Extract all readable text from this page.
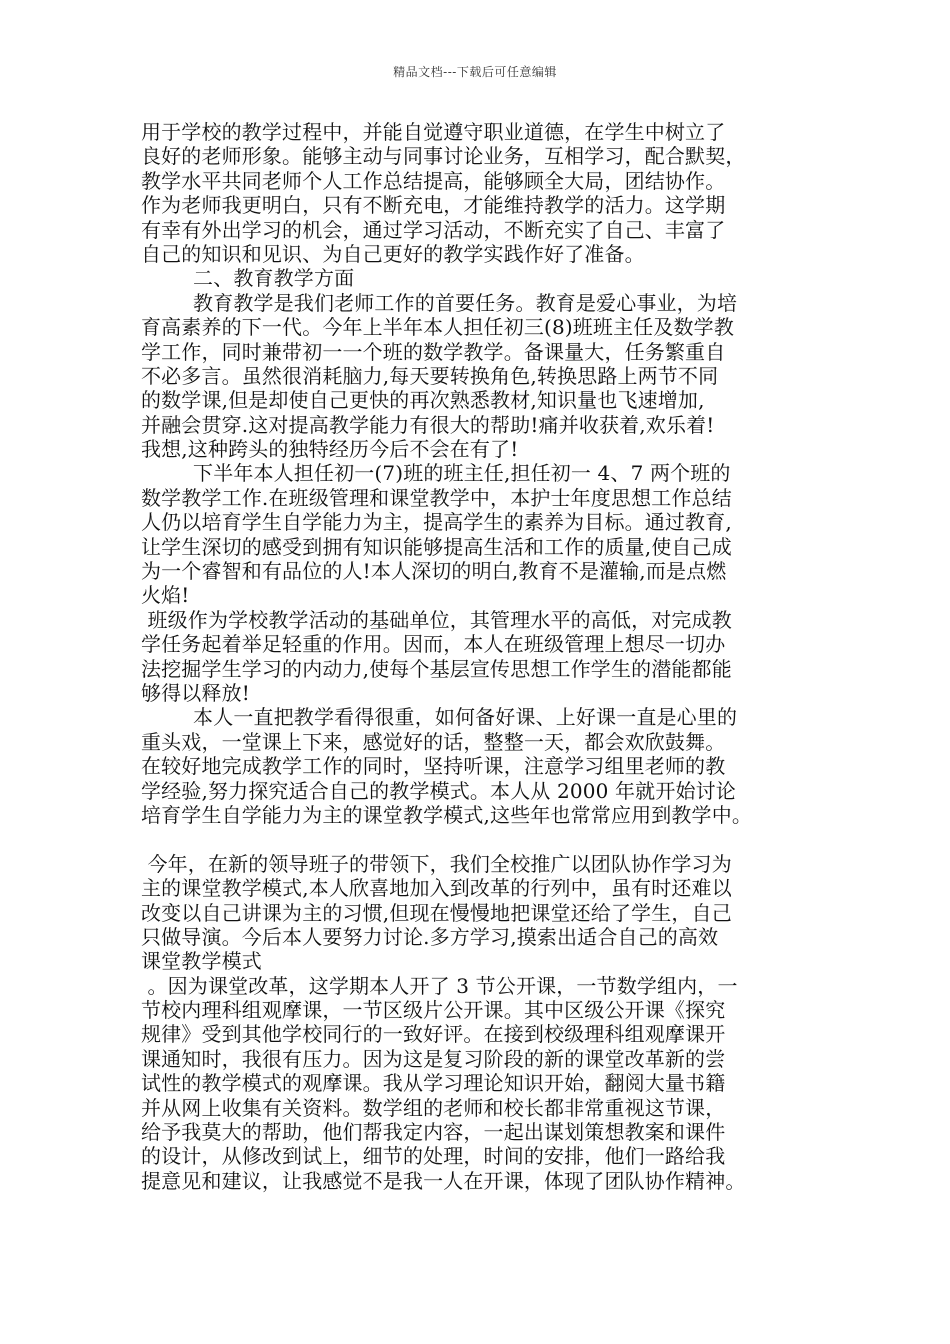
精品文档---下载后可任意编辑
用于学校的教学过程中，并能自觉遵守职业道德，在学生中树立了
良好的老师形象。能够主动与同事讨论业务，互相学习，配合默契，
教学水平共同老师个人工作总结提高，能够顾全大局，团结协作。
作为老师我更明白，只有不断充电，才能维持教学的活力。这学期
有幸有外出学习的机会，通过学习活动，不断充实了自己、丰富了
自己的知识和见识、为自己更好的教学实践作好了准备。
二、教育教学方面
教育教学是我们老师工作的首要任务。教育是爱心事业，为培
育高素养的下一代。今年上半年本人担任初三(8)班班主任及数学教
学工作，同时兼带初一一个班的数学教学。备课量大，任务繁重自
不必多言。虽然很消耗脑力,每天要转换角色,转换思路上两节不同
的数学课,但是却使自己更快的再次熟悉教材,知识量也飞速增加,
并融会贯穿.这对提高教学能力有很大的帮助!痛并收获着,欢乐着!
我想,这种跨头的独特经历今后不会在有了!
下半年本人担任初一(7)班的班主任,担任初一 4、7 两个班的
数学教学工作.在班级管理和课堂教学中，本护士年度思想工作总结
人仍以培育学生自学能力为主，提高学生的素养为目标。通过教育,
让学生深切的感受到拥有知识能够提高生活和工作的质量,使自己成
为一个睿智和有品位的人!本人深切的明白,教育不是灌输,而是点燃
火焰!
班级作为学校教学活动的基础单位，其管理水平的高低，对完成教
学任务起着举足轻重的作用。因而，本人在班级管理上想尽一切办
法挖掘学生学习的内动力,使每个基层宣传思想工作学生的潜能都能
够得以释放!
本人一直把教学看得很重，如何备好课、上好课一直是心里的
重头戏，一堂课上下来，感觉好的话，整整一天，都会欢欣鼓舞。
在较好地完成教学工作的同时，坚持听课，注意学习组里老师的教
学经验,努力探究适合自己的教学模式。本人从 2000 年就开始讨论
培育学生自学能力为主的课堂教学模式,这些年也常常应用到教学中。
今年，在新的领导班子的带领下，我们全校推广以团队协作学习为
主的课堂教学模式,本人欣喜地加入到改革的行列中，虽有时还难以
改变以自己讲课为主的习惯,但现在慢慢地把课堂还给了学生，自己
只做导演。今后本人要努力讨论.多方学习,摸索出适合自己的高效
课堂教学模式
。因为课堂改革，这学期本人开了 3 节公开课，一节数学组内，一
节校内理科组观摩课，一节区级片公开课。其中区级公开课《探究
规律》受到其他学校同行的一致好评。在接到校级理科组观摩课开
课通知时，我很有压力。因为这是复习阶段的新的课堂改革新的尝
试性的教学模式的观摩课。我从学习理论知识开始，翻阅大量书籍
并从网上收集有关资料。数学组的老师和校长都非常重视这节课，
给予我莫大的帮助，他们帮我定内容，一起出谋划策想教案和课件
的设计，从修改到试上，细节的处理，时间的安排，他们一路给我
提意见和建议，让我感觉不是我一人在开课，体现了团队协作精神。
